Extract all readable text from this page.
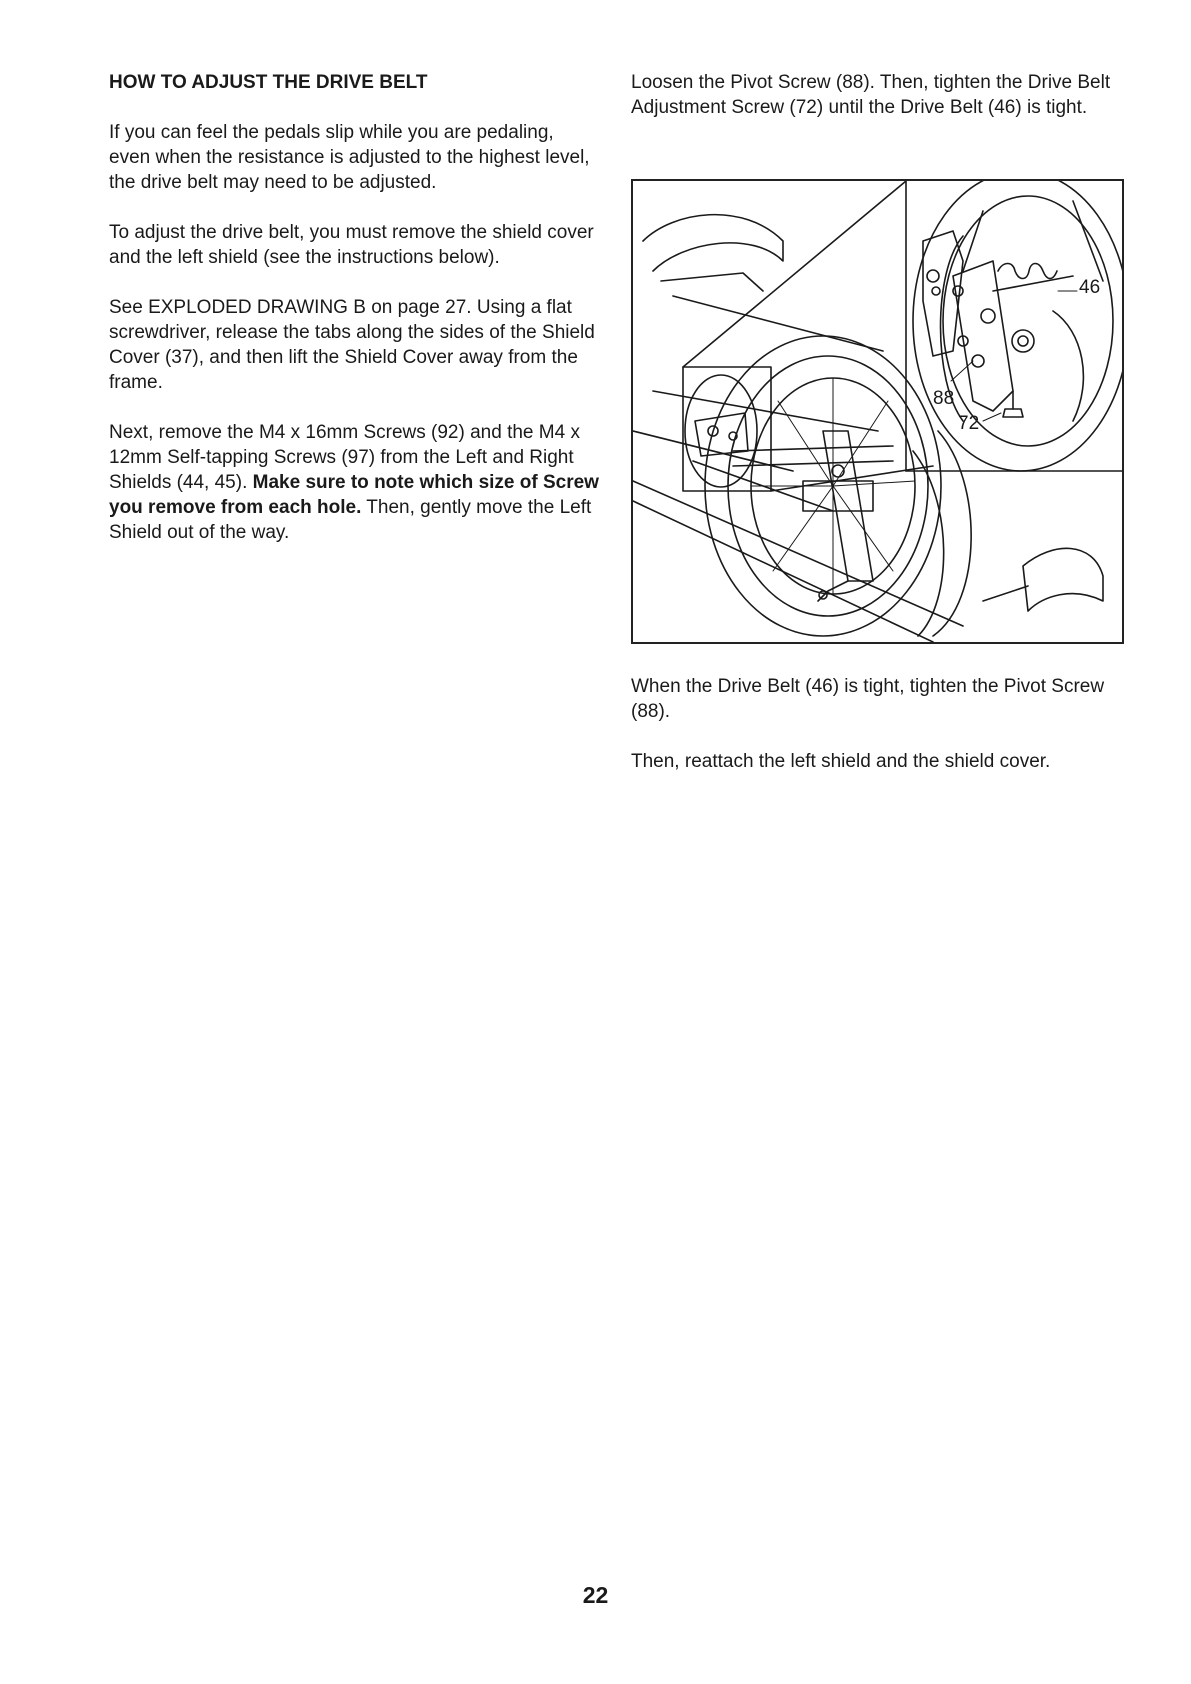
HOW TO ADJUST THE DRIVE BELT

If you can feel the pedals slip while you are pedaling, even when the resistance is adjusted to the highest level, the drive belt may need to be adjusted.

To adjust the drive belt, you must remove the shield cover and the left shield (see the instructions below).

See EXPLODED DRAWING B on page 27. Using a flat screwdriver, release the tabs along the sides of the Shield Cover (37), and then lift the Shield Cover away from the frame.

Next, remove the M4 x 16mm Screws (92) and the M4 x 12mm Self-tapping Screws (97) from the Left and Right Shields (44, 45). Make sure to note which size of Screw you remove from each hole. Then, gently move the Left Shield out of the way.

Loosen the Pivot Screw (88). Then, tighten the Drive Belt Adjustment Screw (72) until the Drive Belt (46) is tight.

46
88
72

When the Drive Belt (46) is tight, tighten the Pivot Screw (88).

Then, reattach the left shield and the shield cover.

22
